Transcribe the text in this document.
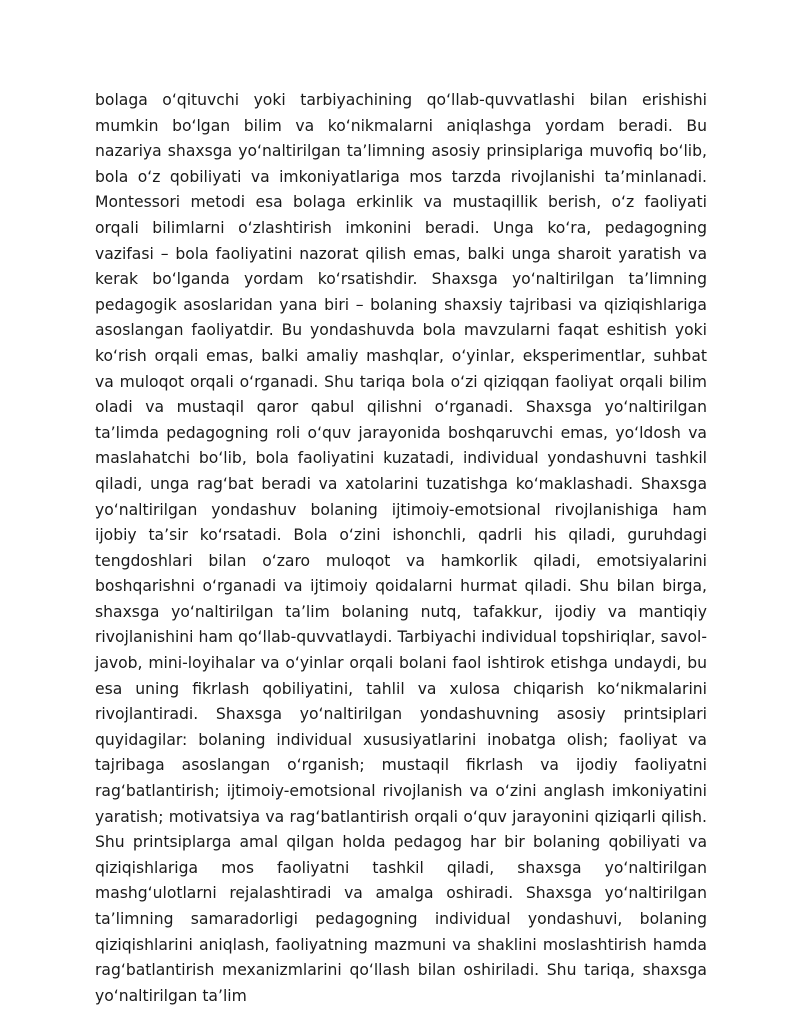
bolaga o‘qituvchi yoki tarbiyachining qo‘llab-quvvatlashi bilan erishishi mumkin bo‘lgan bilim va ko‘nikmalarni aniqlashga yordam beradi. Bu nazariya shaxsga yo‘naltirilgan ta’limning asosiy prinsiplariga muvofiq bo‘lib, bola o‘z qobiliyati va imkoniyatlariga mos tarzda rivojlanishi ta’minlanadi. Montessori metodi esa bolaga erkinlik va mustaqillik berish, o‘z faoliyati orqali bilimlarni o‘zlashtirish imkonini beradi. Unga ko‘ra, pedagogning vazifasi – bola faoliyatini nazorat qilish emas, balki unga sharoit yaratish va kerak bo‘lganda yordam ko‘rsatishdir. Shaxsga yo‘naltirilgan ta’limning pedagogik asoslaridan yana biri – bolaning shaxsiy tajribasi va qiziqishlariga asoslangan faoliyatdir. Bu yondashuvda bola mavzularni faqat eshitish yoki ko‘rish orqali emas, balki amaliy mashqlar, o‘yinlar, eksperimentlar, suhbat va muloqot orqali o‘rganadi. Shu tariqa bola o‘zi qiziqqan faoliyat orqali bilim oladi va mustaqil qaror qabul qilishni o‘rganadi. Shaxsga yo‘naltirilgan ta’limda pedagogning roli o‘quv jarayonida boshqaruvchi emas, yo‘ldosh va maslahatchi bo‘lib, bola faoliyatini kuzatadi, individual yondashuvni tashkil qiladi, unga rag‘bat beradi va xatolarini tuzatishga ko‘maklashadi. Shaxsga yo‘naltirilgan yondashuv bolaning ijtimoiy-emotsional rivojlanishiga ham ijobiy ta’sir ko‘rsatadi. Bola o‘zini ishonchli, qadrli his qiladi, guruhdagi tengdoshlari bilan o‘zaro muloqot va hamkorlik qiladi, emotsiyalarini boshqarishni o‘rganadi va ijtimoiy qoidalarni hurmat qiladi. Shu bilan birga, shaxsga yo‘naltirilgan ta’lim bolaning nutq, tafakkur, ijodiy va mantiqiy rivojlanishini ham qo‘llab-quvvatlaydi. Tarbiyachi individual topshiriqlar, savol-javob, mini-loyihalar va o‘yinlar orqali bolani faol ishtirok etishga undaydi, bu esa uning fikrlash qobiliyatini, tahlil va xulosa chiqarish ko‘nikmalarini rivojlantiradi. Shaxsga yo‘naltirilgan yondashuvning asosiy printsiplari quyidagilar: bolaning individual xususiyatlarini inobatga olish; faoliyat va tajribaga asoslangan o‘rganish; mustaqil fikrlash va ijodiy faoliyatni rag‘batlantirish; ijtimoiy-emotsional rivojlanish va o‘zini anglash imkoniyatini yaratish; motivatsiya va rag‘batlantirish orqali o‘quv jarayonini qiziqarli qilish. Shu printsiplarga amal qilgan holda pedagog har bir bolaning qobiliyati va qiziqishlariga mos faoliyatni tashkil qiladi, shaxsga yo‘naltirilgan mashg‘ulotlarni rejalashtiradi va amalga oshiradi. Shaxsga yo‘naltirilgan ta’limning samaradorligi pedagogning individual yondashuvi, bolaning qiziqishlarini aniqlash, faoliyatning mazmuni va shaklini moslashtirish hamda rag‘batlantirish mexanizmlarini qo‘llash bilan oshiriladi. Shu tariqa, shaxsga yo‘naltirilgan ta’lim
